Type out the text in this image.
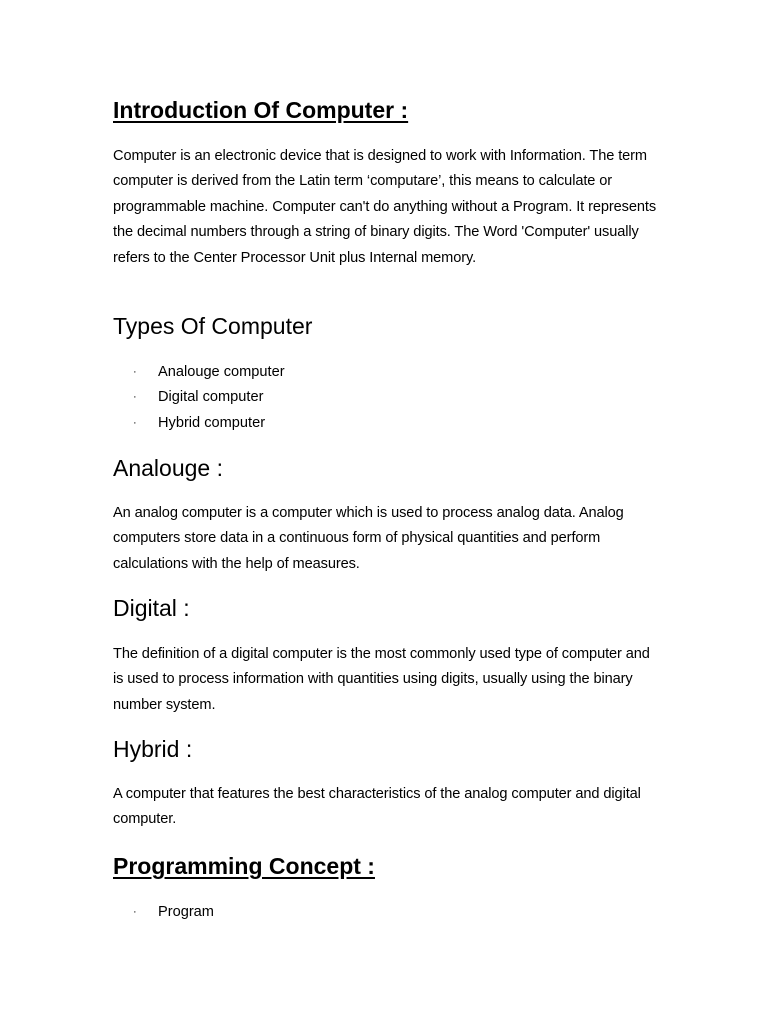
Introduction Of Computer :

Computer is an electronic device that is designed to work with Information. The term computer is derived from the Latin term ‘computare’, this means to calculate or programmable machine. Computer can't do anything without a Program. It represents the decimal numbers through a string of binary digits. The Word 'Computer' usually refers to the Center Processor Unit plus Internal memory.

Types Of Computer
· Analouge computer
· Digital computer
· Hybrid computer
Analouge :

An analog computer is a computer which is used to process analog data. Analog computers store data in a continuous form of physical quantities and perform calculations with the help of measures.

Digital :

The definition of a digital computer is the most commonly used type of computer and is used to process information with quantities using digits, usually using the binary number system.

Hybrid :

A computer that features the best characteristics of the analog computer and digital computer.

Programming Concept :
· Program
